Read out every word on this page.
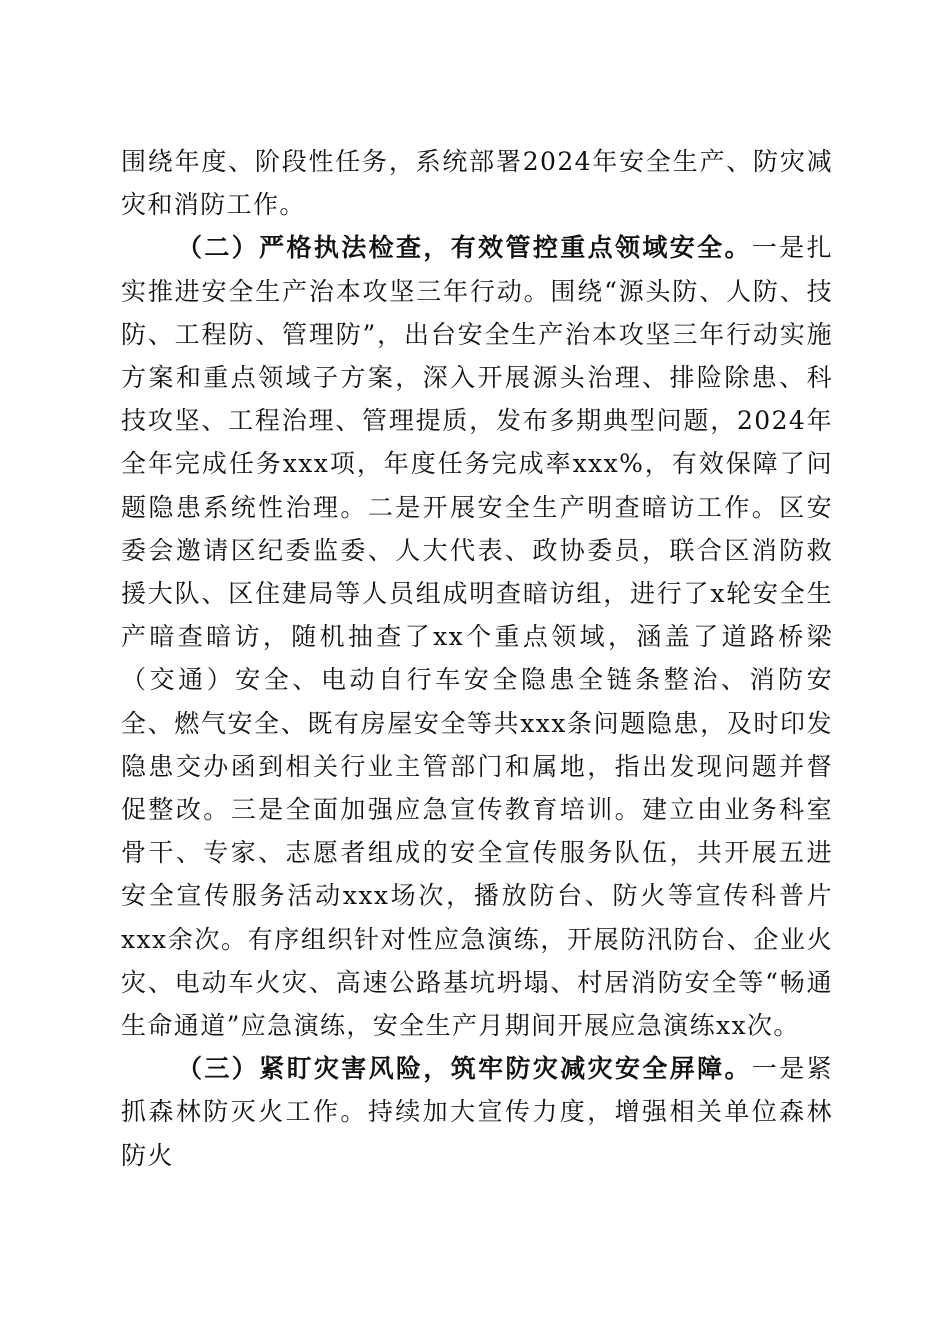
围绕年度、阶段性任务，系统部署2024年安全生产、防灾减灾和消防工作。

（二）严格执法检查，有效管控重点领域安全。一是扎实推进安全生产治本攻坚三年行动。围绕“源头防、人防、技防、工程防、管理防”，出台安全生产治本攻坚三年行动实施方案和重点领域子方案，深入开展源头治理、排险除患、科技攻坚、工程治理、管理提质，发布多期典型问题，2024年全年完成任务xxx项，年度任务完成率xxx%，有效保障了问题隐患系统性治理。二是开展安全生产明查暗访工作。区安委会邀请区纪委监委、人大代表、政协委员，联合区消防救援大队、区住建局等人员组成明查暗访组，进行了x轮安全生产暗查暗访，随机抽查了xx个重点领域，涵盖了道路桥梁（交通）安全、电动自行车安全隐患全链条整治、消防安全、燃气安全、既有房屋安全等共xxx条问题隐患，及时印发隐患交办函到相关行业主管部门和属地，指出发现问题并督促整改。三是全面加强应急宣传教育培训。建立由业务科室骨干、专家、志愿者组成的安全宣传服务队伍，共开展五进安全宣传服务活动xxx场次，播放防台、防火等宣传科普片xxx余次。有序组织针对性应急演练，开展防汛防台、企业火灾、电动车火灾、高速公路基坑坍塌、村居消防安全等“畅通生命通道”应急演练，安全生产月期间开展应急演练xx次。

（三）紧盯灾害风险，筑牢防灾减灾安全屏障。一是紧抓森林防灭火工作。持续加大宣传力度，增强相关单位森林防火
